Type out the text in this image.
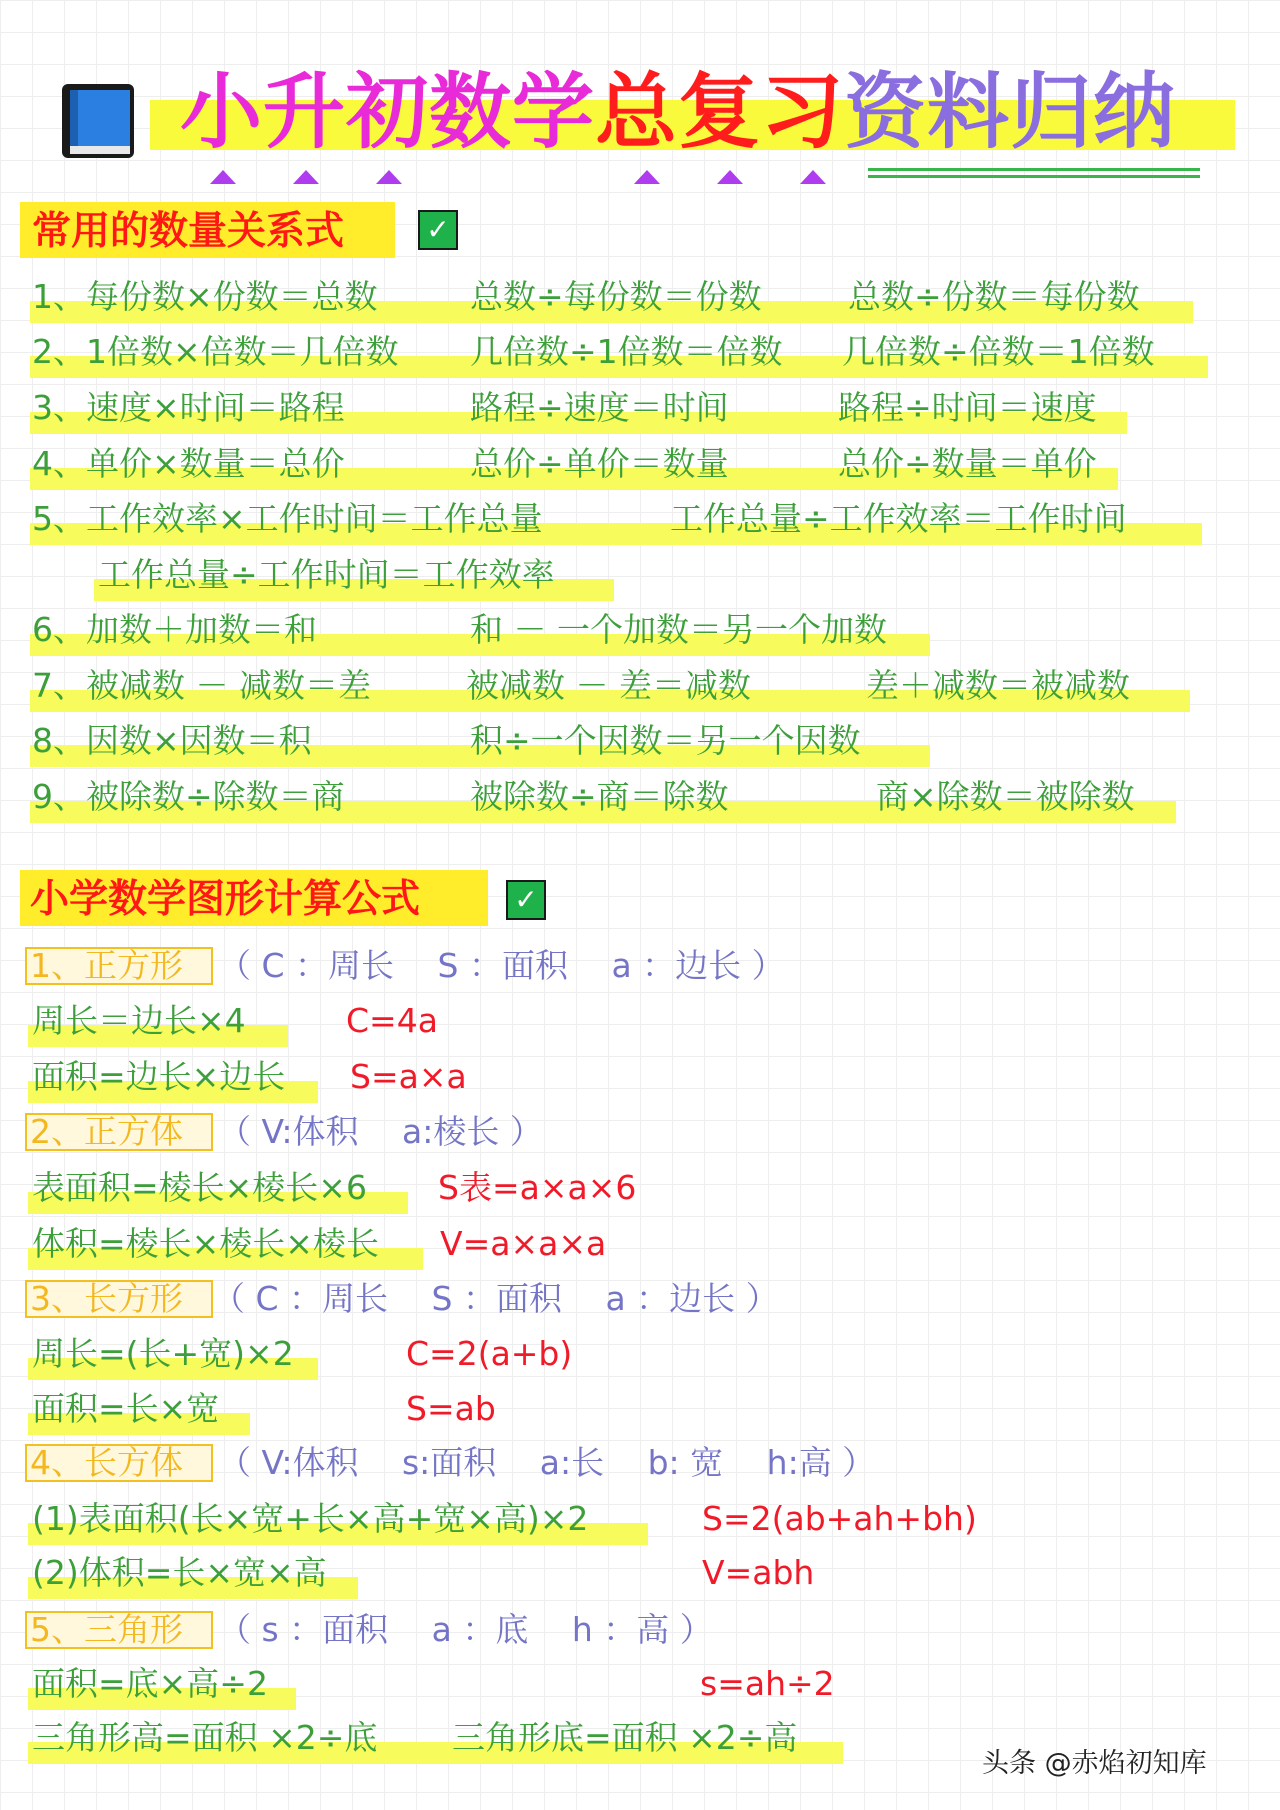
小升初数学总复习资料归纳
常用的数量关系式	✓
1、每份数×份数＝总数	总数÷每份数＝份数	总数÷份数＝每份数
2、1倍数×倍数＝几倍数 几倍数÷1倍数＝倍数 几倍数÷倍数＝1倍数
3、速度×时间＝路程	路程÷速度＝时间	路程÷时间＝速度
4、单价×数量＝总价	总价÷单价＝数量	总价÷数量＝单价
5、工作效率×工作时间＝工作总量	工作总量÷工作效率＝工作时间
工作总量÷工作时间＝工作效率
6、加数＋加数＝和	和 － 一个加数＝另一个加数
7、被减数 － 减数＝差	被减数 － 差＝减数	差＋减数＝被减数
8、因数×因数＝积	积÷一个因数＝另一个因数
9、被除数÷除数＝商	被除数÷商＝除数	商×除数＝被除数
小学数学图形计算公式	✓
1、正方形 （ C ：周长　 S ：面积　 a ：边长 ）
周长＝边长×4	C=4a
面积=边长×边长 S=a×a
2、正方体 （ V:体积　 a:棱长 ）
表面积=棱长×棱长×6 S表=a×a×6
体积=棱长×棱长×棱长 V=a×a×a
3、长方形 （ C ：周长　 S ：面积　 a ：边长 ）
周长=(长+宽)×2	C=2(a+b)
面积=长×宽	S=ab
4、长方体 （ V:体积　 s:面积　 a:长　 b: 宽　 h:高 ）
(1)表面积(长×宽+长×高+宽×高)×2	S=2(ab+ah+bh)
(2)体积=长×宽×高	V=abh
5、三角形 （ s ：面积　 a ：底　 h ：高 ）
面积=底×高÷2	s=ah÷2
三角形高=面积 ×2÷底 三角形底=面积 ×2÷高
头条 @赤焰初知库
